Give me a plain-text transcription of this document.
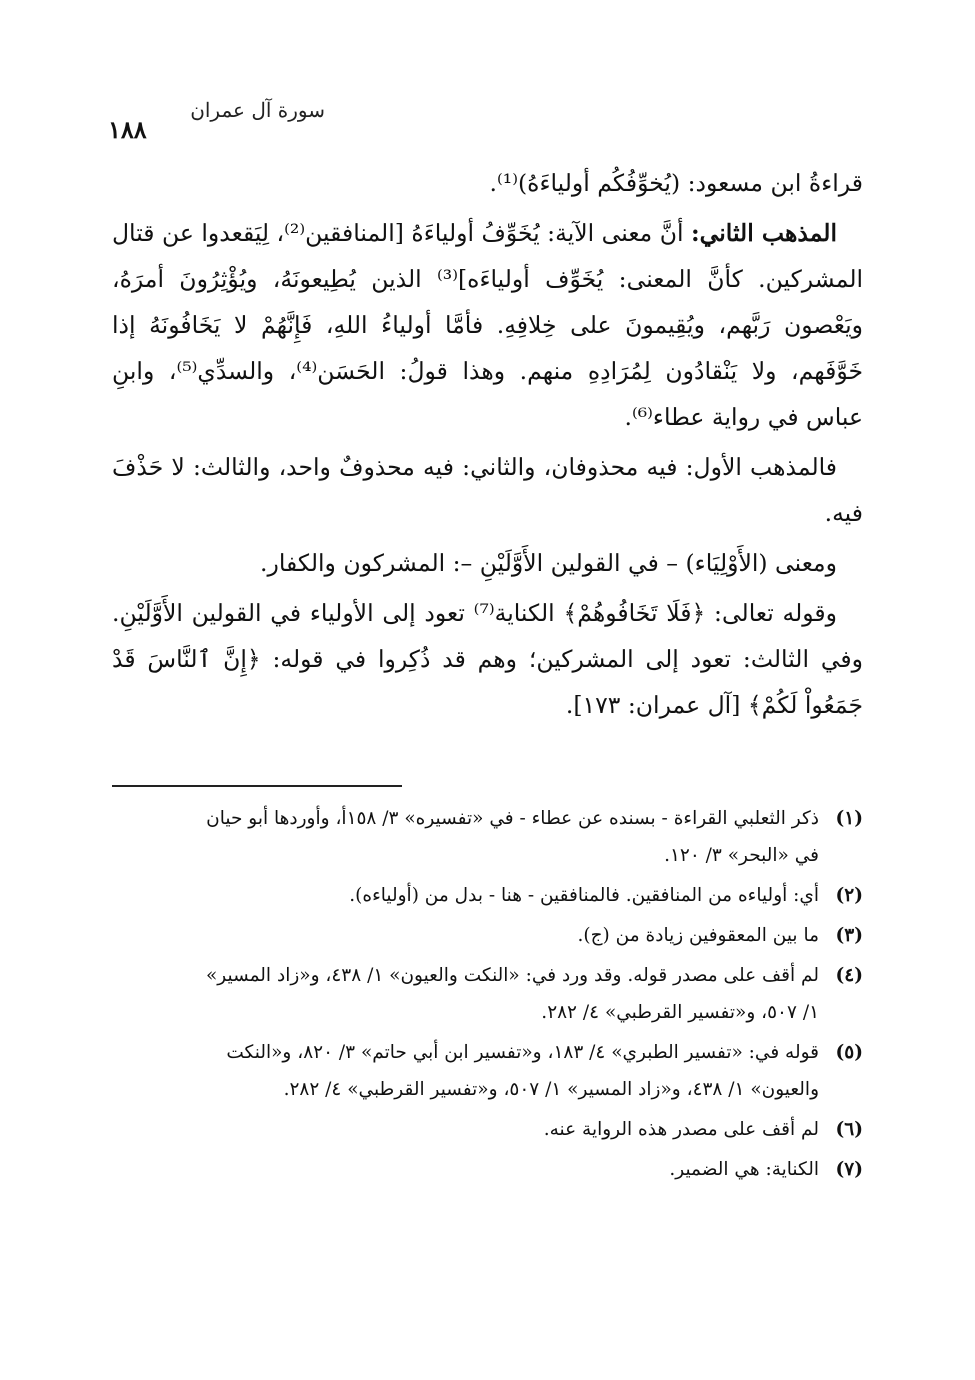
سورة آل عمران
١٨٨

قراءةُ ابن مسعود: (يُخوِّفُكُم أولياءَهُ)⁽¹⁾.

المذهب الثاني: أنَّ معنى الآية: يُخَوِّفُ أولياءَهُ [المنافقين⁽²⁾، لِيَقعدوا عن قتال المشركين. كأنَّ المعنى: يُخَوِّف أولياءَه]⁽³⁾ الذين يُطِيعونَهُ، ويُؤْثِرُونَ أمرَهُ، ويَعْصون رَبَّهم، ويُقِيمونَ على خِلافِهِ. فأمَّا أولياءُ اللهِ، فَإِنَّهُمْ لا يَخَافُونَهُ إذا خَوَّفَهم، ولا يَنْقادُون لِمُرَادِهِ منهم. وهذا قولُ: الحَسَن⁽⁴⁾، والسدِّي⁽⁵⁾، وابنِ عباس في رواية عطاء⁽⁶⁾.

فالمذهب الأول: فيه محذوفان، والثاني: فيه محذوفٌ واحد، والثالث: لا حَذْفَ فيه.

ومعنى (الأَوْلِيَاء) – في القولين الأَوَّلَيْنِ –: المشركون والكفار.

وقوله تعالى: ﴿فَلَا تَخَافُوهُمْ﴾ الكناية⁽⁷⁾ تعود إلى الأولياء في القولين الأَوَّلَيْنِ. وفي الثالث: تعود إلى المشركين؛ وهم قد ذُكِروا في قوله: ﴿إِنَّ ٱلنَّاسَ قَدْ جَمَعُواْ لَكُمْ﴾ [آل عمران: ١٧٣].

(١)
ذكر الثعلبي القراءة - بسنده عن عطاء - في «تفسيره» ٣/ ١٥٨أ، وأوردها أبو حيان
في «البحر» ٣/ ١٢٠.
(٢)
أي: أولياءه من المنافقين. فالمنافقين - هنا - بدل من (أولياءه).
(٣)
ما بين المعقوفين زيادة من (ج).
(٤)
لم أقف على مصدر قوله. وقد ورد في: «النكت والعيون» ١/ ٤٣٨، و«زاد المسير»
١/ ٥٠٧، و«تفسير القرطبي» ٤/ ٢٨٢.
(٥)
قوله في: «تفسير الطبري» ٤/ ١٨٣، و«تفسير ابن أبي حاتم» ٣/ ٨٢٠، و«النكت
والعيون» ١/ ٤٣٨، و«زاد المسير» ١/ ٥٠٧، و«تفسير القرطبي» ٤/ ٢٨٢.
(٦)
لم أقف على مصدر هذه الرواية عنه.
(٧)
الكناية: هي الضمير.
